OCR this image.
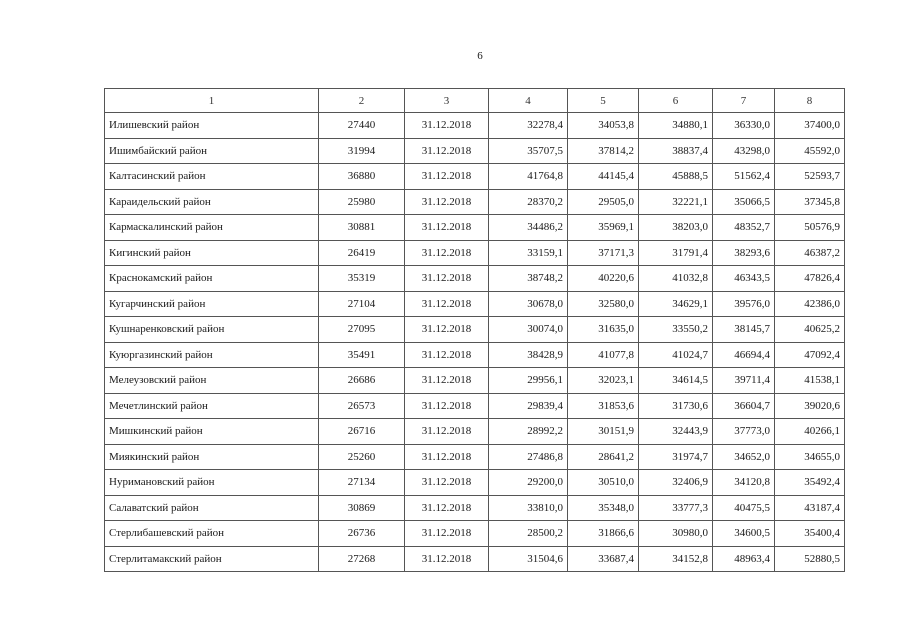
6
1	2	3	4	5	6	7	8
Илишевский район	27440	31.12.2018	32278,4	34053,8	34880,1	36330,0	37400,0
Ишимбайский район	31994	31.12.2018	35707,5	37814,2	38837,4	43298,0	45592,0
Калтасинский район	36880	31.12.2018	41764,8	44145,4	45888,5	51562,4	52593,7
Караидельский район	25980	31.12.2018	28370,2	29505,0	32221,1	35066,5	37345,8
Кармаскалинский район	30881	31.12.2018	34486,2	35969,1	38203,0	48352,7	50576,9
Кигинский район	26419	31.12.2018	33159,1	37171,3	31791,4	38293,6	46387,2
Краснокамский район	35319	31.12.2018	38748,2	40220,6	41032,8	46343,5	47826,4
Кугарчинский район	27104	31.12.2018	30678,0	32580,0	34629,1	39576,0	42386,0
Кушнаренковский район	27095	31.12.2018	30074,0	31635,0	33550,2	38145,7	40625,2
Куюргазинский район	35491	31.12.2018	38428,9	41077,8	41024,7	46694,4	47092,4
Мелеузовский район	26686	31.12.2018	29956,1	32023,1	34614,5	39711,4	41538,1
Мечетлинский район	26573	31.12.2018	29839,4	31853,6	31730,6	36604,7	39020,6
Мишкинский район	26716	31.12.2018	28992,2	30151,9	32443,9	37773,0	40266,1
Миякинский район	25260	31.12.2018	27486,8	28641,2	31974,7	34652,0	34655,0
Нуримановский район	27134	31.12.2018	29200,0	30510,0	32406,9	34120,8	35492,4
Салаватский район	30869	31.12.2018	33810,0	35348,0	33777,3	40475,5	43187,4
Стерлибашевский район	26736	31.12.2018	28500,2	31866,6	30980,0	34600,5	35400,4
Стерлитамакский район	27268	31.12.2018	31504,6	33687,4	34152,8	48963,4	52880,5
